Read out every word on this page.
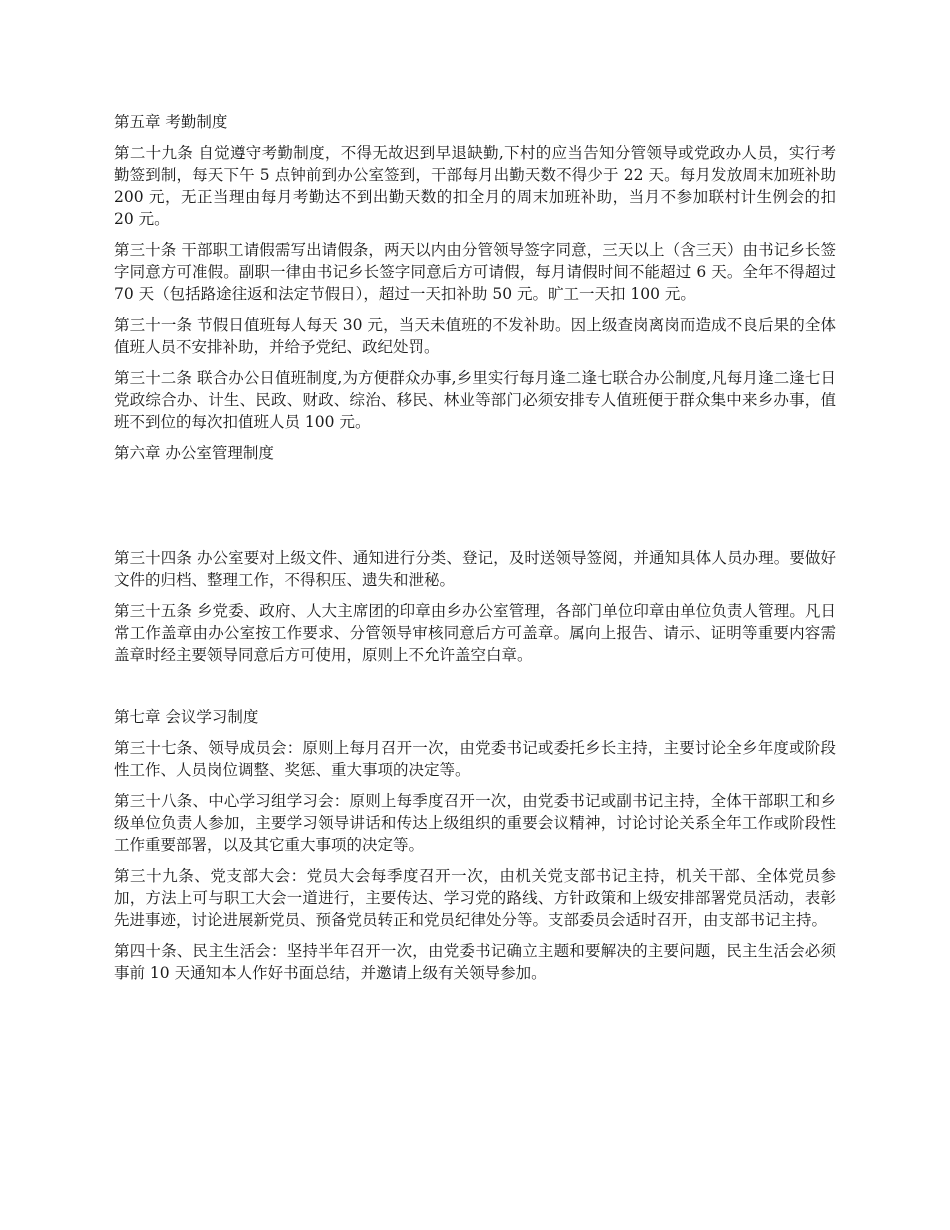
第五章 考勤制度

第二十九条 自觉遵守考勤制度，不得无故迟到早退缺勤,下村的应当告知分管领导或党政办人员，实行考勤签到制，每天下午 5 点钟前到办公室签到，干部每月出勤天数不得少于 22 天。每月发放周末加班补助 200 元，无正当理由每月考勤达不到出勤天数的扣全月的周末加班补助，当月不参加联村计生例会的扣 20 元。

第三十条 干部职工请假需写出请假条，两天以内由分管领导签字同意，三天以上（含三天）由书记乡长签字同意方可准假。副职一律由书记乡长签字同意后方可请假，每月请假时间不能超过 6 天。全年不得超过 70 天（包括路途往返和法定节假日），超过一天扣补助 50 元。旷工一天扣 100 元。

第三十一条 节假日值班每人每天 30 元，当天未值班的不发补助。因上级查岗离岗而造成不良后果的全体值班人员不安排补助，并给予党纪、政纪处罚。

第三十二条 联合办公日值班制度,为方便群众办事,乡里实行每月逢二逢七联合办公制度,凡每月逢二逢七日党政综合办、计生、民政、财政、综治、移民、林业等部门必须安排专人值班便于群众集中来乡办事，值班不到位的每次扣值班人员 100 元。

第六章 办公室管理制度

第三十四条 办公室要对上级文件、通知进行分类、登记，及时送领导签阅，并通知具体人员办理。要做好文件的归档、整理工作，不得积压、遗失和泄秘。

第三十五条 乡党委、政府、人大主席团的印章由乡办公室管理，各部门单位印章由单位负责人管理。凡日常工作盖章由办公室按工作要求、分管领导审核同意后方可盖章。属向上报告、请示、证明等重要内容需盖章时经主要领导同意后方可使用，原则上不允许盖空白章。

第七章 会议学习制度

第三十七条、领导成员会：原则上每月召开一次，由党委书记或委托乡长主持，主要讨论全乡年度或阶段性工作、人员岗位调整、奖惩、重大事项的决定等。

第三十八条、中心学习组学习会：原则上每季度召开一次，由党委书记或副书记主持，全体干部职工和乡级单位负责人参加，主要学习领导讲话和传达上级组织的重要会议精神，讨论讨论关系全年工作或阶段性工作重要部署，以及其它重大事项的决定等。

第三十九条、党支部大会：党员大会每季度召开一次，由机关党支部书记主持，机关干部、全体党员参加，方法上可与职工大会一道进行，主要传达、学习党的路线、方针政策和上级安排部署党员活动，表彰先进事迹，讨论进展新党员、预备党员转正和党员纪律处分等。支部委员会适时召开，由支部书记主持。

第四十条、民主生活会：坚持半年召开一次，由党委书记确立主题和要解决的主要问题，民主生活会必须事前 10 天通知本人作好书面总结，并邀请上级有关领导参加。
